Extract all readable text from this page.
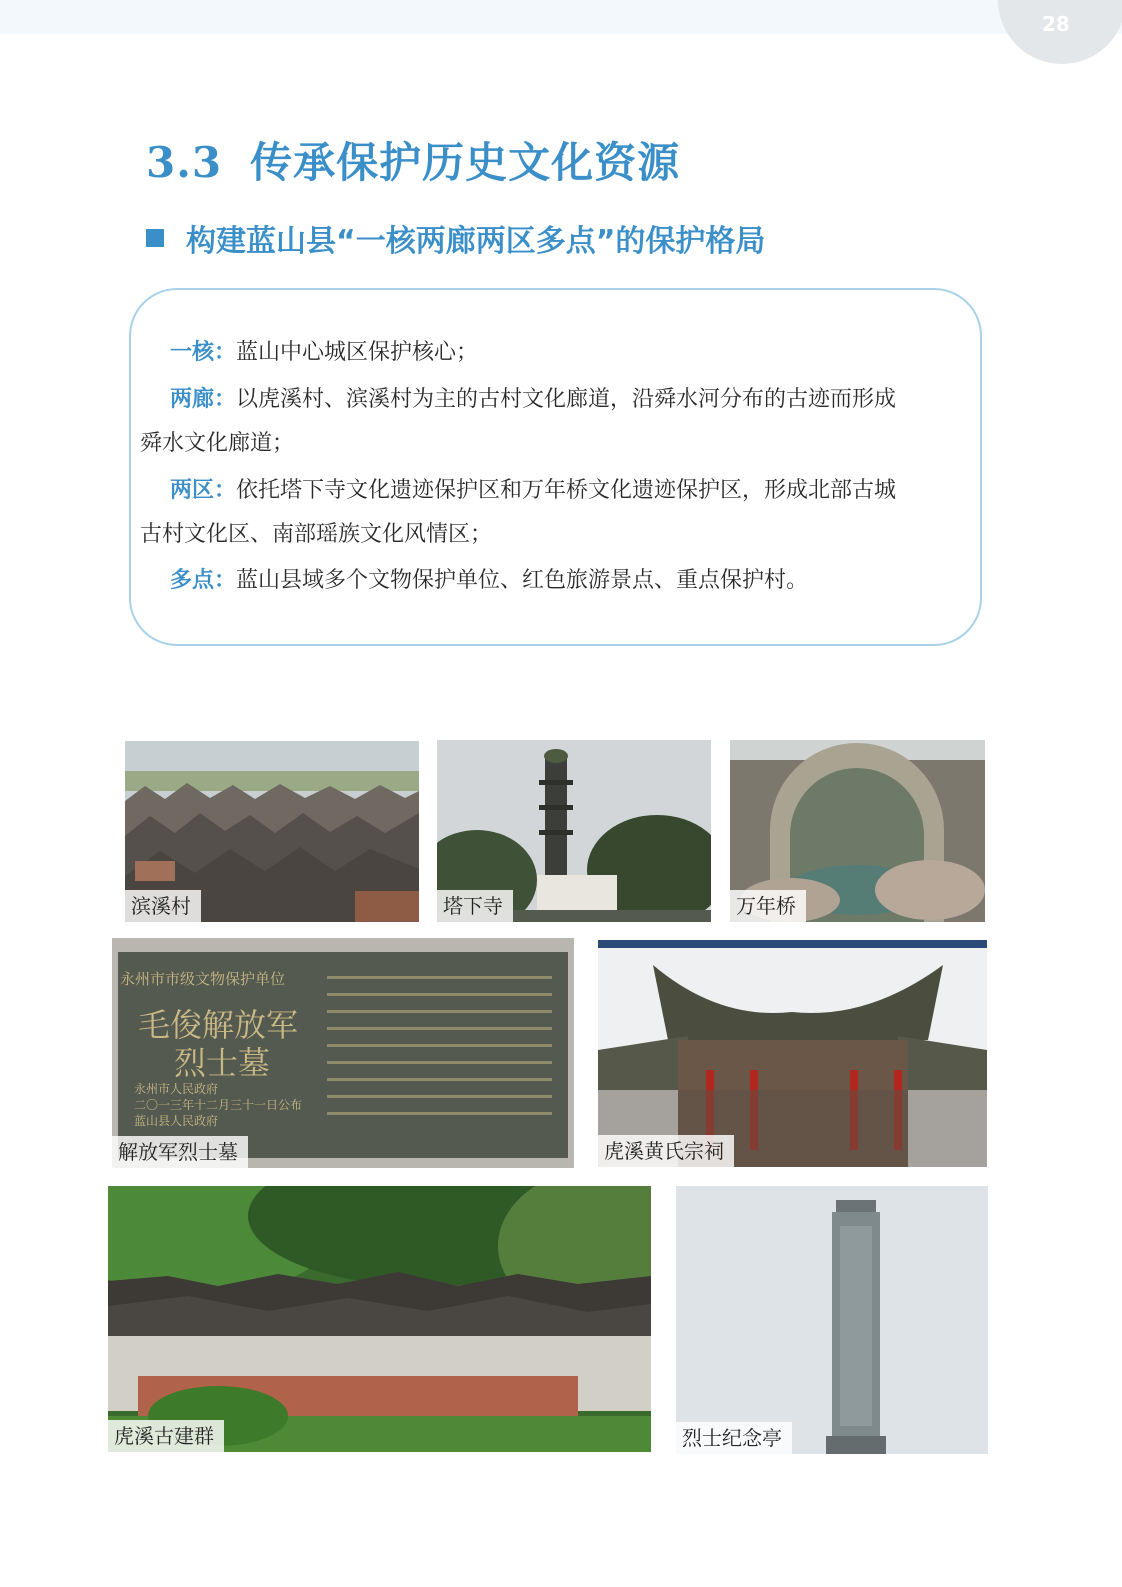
28
3.3 传承保护历史文化资源
构建蓝山县“一核两廊两区多点”的保护格局
一核：蓝山中心城区保护核心；
两廊：以虎溪村、滨溪村为主的古村文化廊道，沿舜水河分布的古迹而形成
舜水文化廊道；
两区：依托塔下寺文化遗迹保护区和万年桥文化遗迹保护区，形成北部古城
古村文化区、南部瑶族文化风情区；
多点：蓝山县域多个文物保护单位、红色旅游景点、重点保护村。
滨溪村	塔下寺	万年桥
永州市市级文物保护单位
毛俊解放军
烈士墓
永州市人民政府
二〇一三年十二月三十一日公布
蓝山县人民政府
解放军烈士墓	虎溪黄氏宗祠
虎溪古建群	烈士纪念亭
